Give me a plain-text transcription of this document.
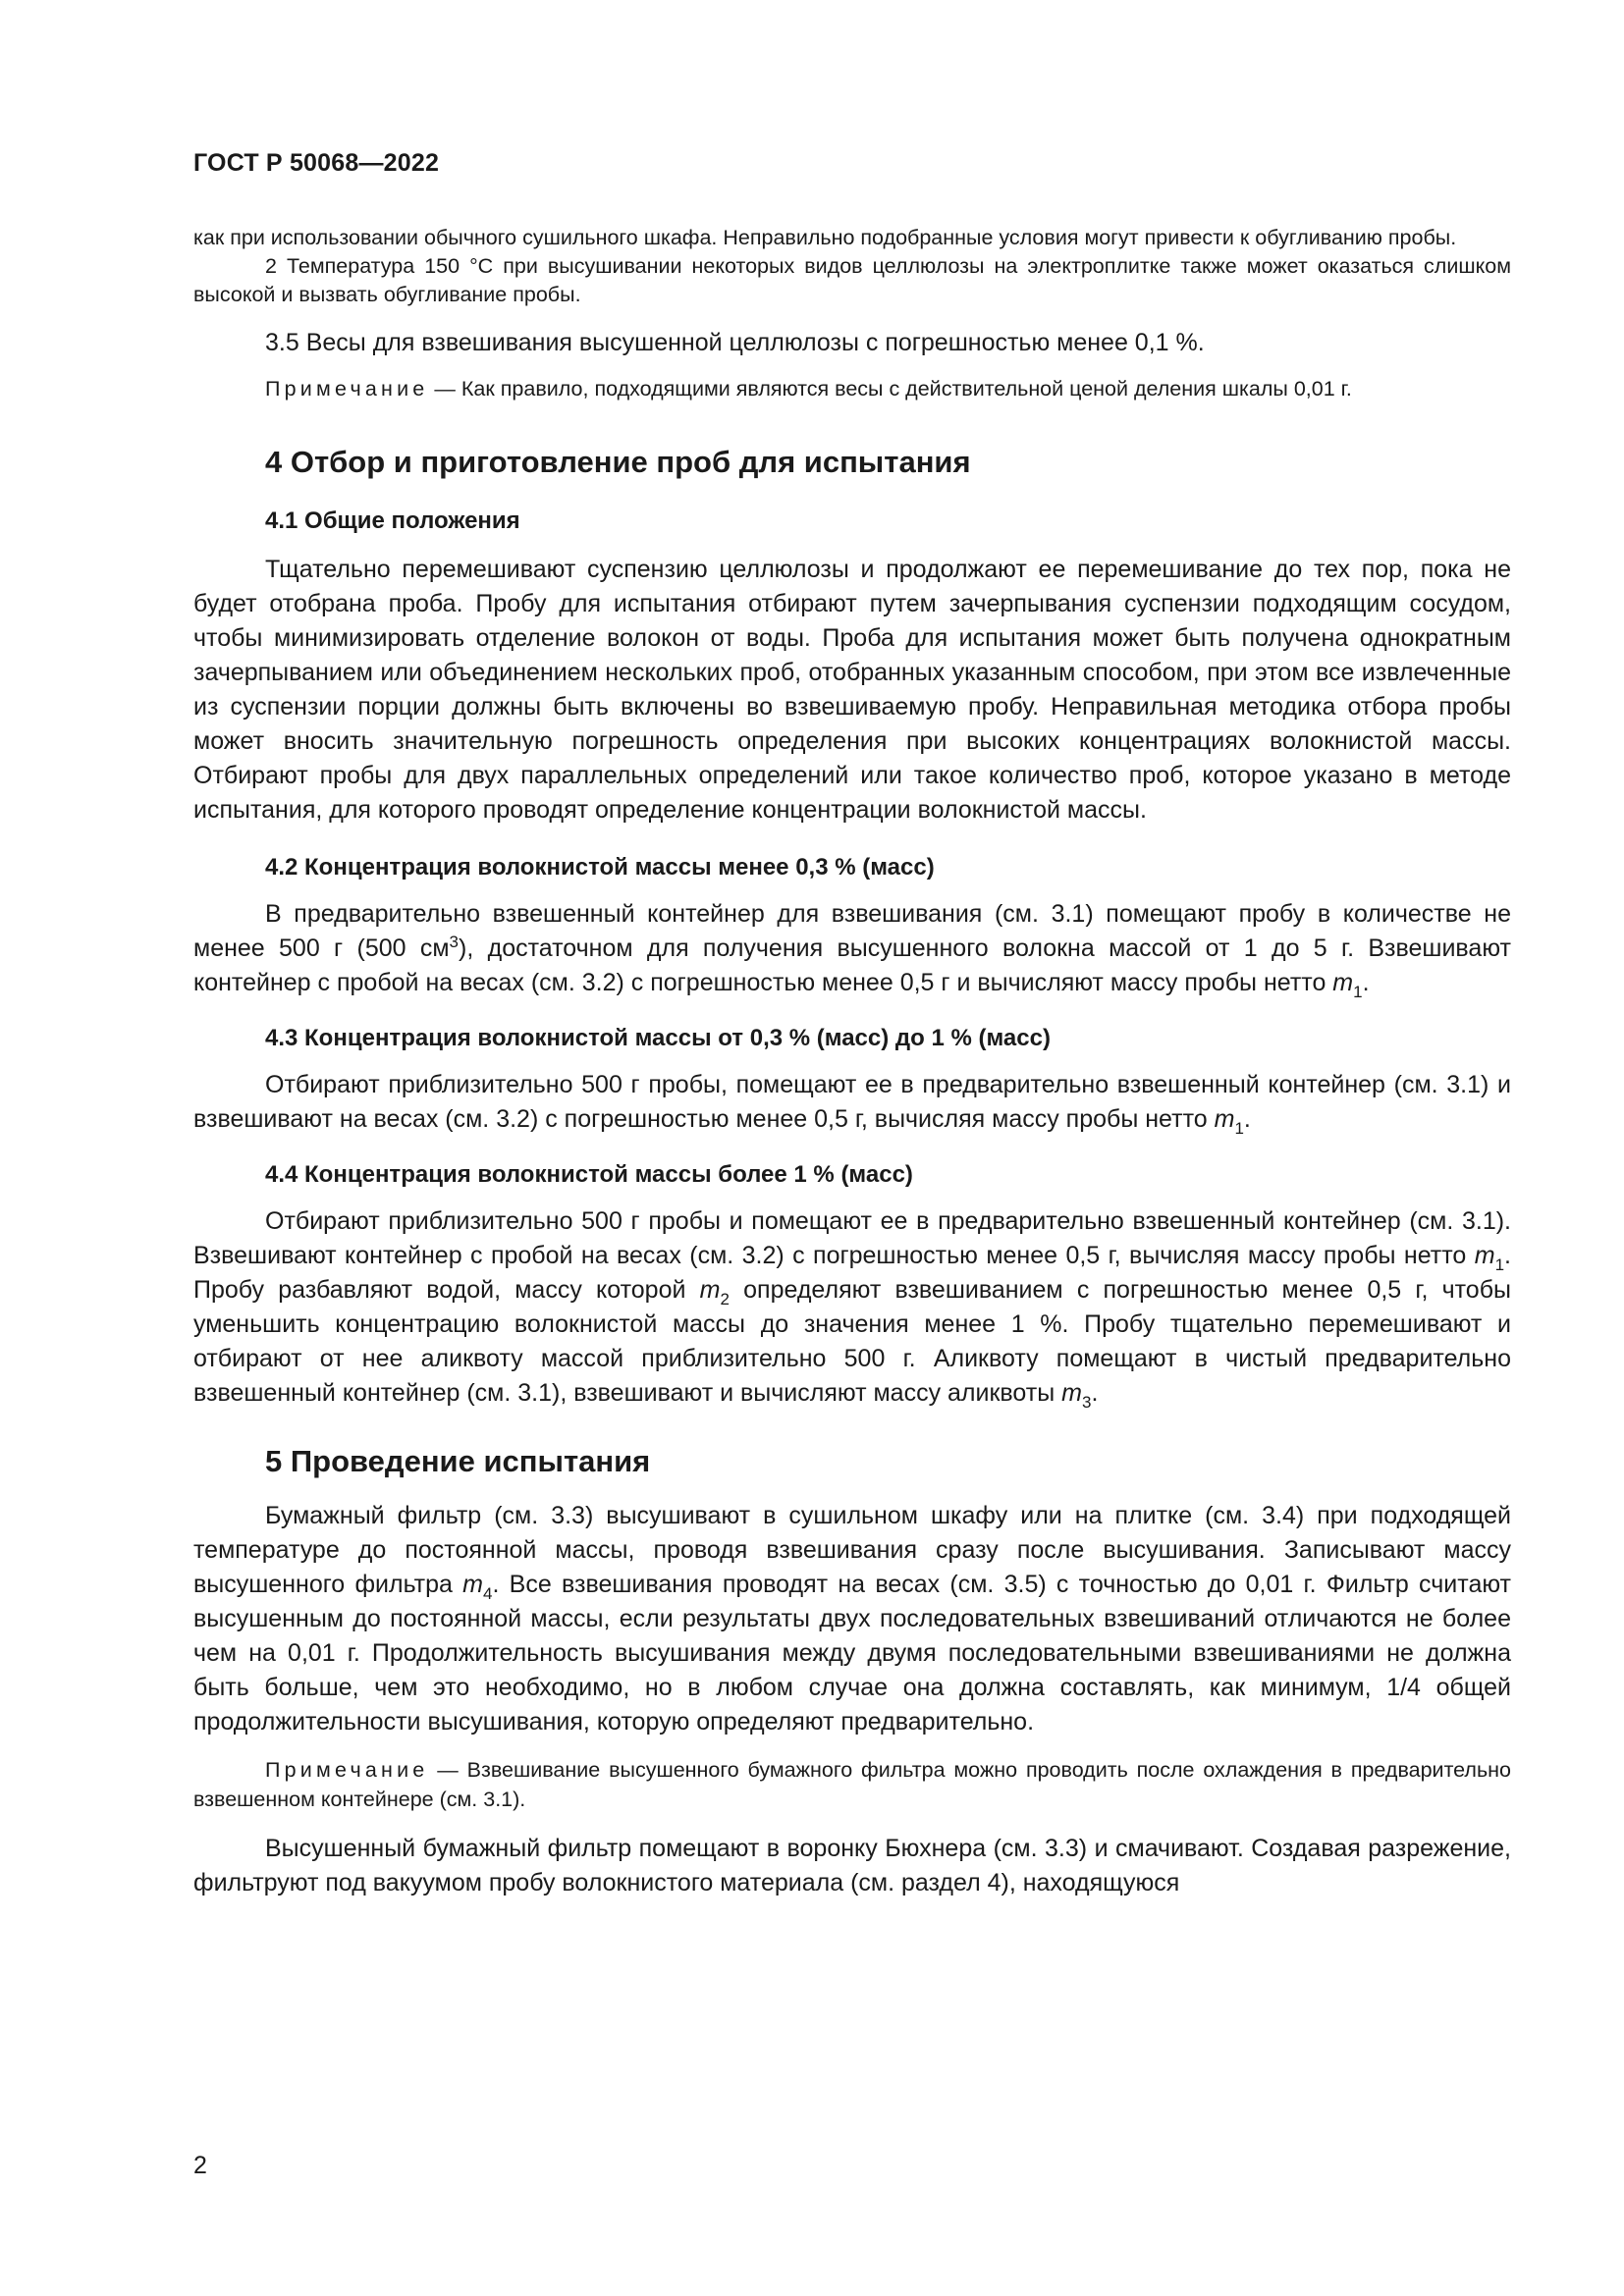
ГОСТ Р 50068—2022

как при использовании обычного сушильного шкафа. Неправильно подобранные условия могут привести к обугливанию пробы.

2 Температура 150 °С при высушивании некоторых видов целлюлозы на электроплитке также может оказаться слишком высокой и вызвать обугливание пробы.

3.5 Весы для взвешивания высушенной целлюлозы с погрешностью менее 0,1 %.

Примечание — Как правило, подходящими являются весы с действительной ценой деления шкалы 0,01 г.

4 Отбор и приготовление проб для испытания
4.1 Общие положения

Тщательно перемешивают суспензию целлюлозы и продолжают ее перемешивание до тех пор, пока не будет отобрана проба. Пробу для испытания отбирают путем зачерпывания суспензии подходящим сосудом, чтобы минимизировать отделение волокон от воды. Проба для испытания может быть получена однократным зачерпыванием или объединением нескольких проб, отобранных указанным способом, при этом все извлеченные из суспензии порции должны быть включены во взвешиваемую пробу. Неправильная методика отбора пробы может вносить значительную погрешность определения при высоких концентрациях волокнистой массы. Отбирают пробы для двух параллельных определений или такое количество проб, которое указано в методе испытания, для которого проводят определение концентрации волокнистой массы.

4.2 Концентрация волокнистой массы менее 0,3 % (масс)

В предварительно взвешенный контейнер для взвешивания (см. 3.1) помещают пробу в количестве не менее 500 г (500 $см^3$), достаточном для получения высушенного волокна массой от 1 до 5 г. Взвешивают контейнер с пробой на весах (см. 3.2) с погрешностью менее 0,5 г и вычисляют массу пробы нетто $m_1$.

4.3 Концентрация волокнистой массы от 0,3 % (масс) до 1 % (масс)

Отбирают приблизительно 500 г пробы, помещают ее в предварительно взвешенный контейнер (см. 3.1) и взвешивают на весах (см. 3.2) с погрешностью менее 0,5 г, вычисляя массу пробы нетто $m_1$.

4.4 Концентрация волокнистой массы более 1 % (масс)

Отбирают приблизительно 500 г пробы и помещают ее в предварительно взвешенный контейнер (см. 3.1). Взвешивают контейнер с пробой на весах (см. 3.2) с погрешностью менее 0,5 г, вычисляя массу пробы нетто $m_1$. Пробу разбавляют водой, массу которой $m_2$ определяют взвешиванием с погрешностью менее 0,5 г, чтобы уменьшить концентрацию волокнистой массы до значения менее 1 %. Пробу тщательно перемешивают и отбирают от нее аликвоту массой приблизительно 500 г. Аликвоту помещают в чистый предварительно взвешенный контейнер (см. 3.1), взвешивают и вычисляют массу аликвоты $m_3$.

5 Проведение испытания

Бумажный фильтр (см. 3.3) высушивают в сушильном шкафу или на плитке (см. 3.4) при подходящей температуре до постоянной массы, проводя взвешивания сразу после высушивания. Записывают массу высушенного фильтра $m_4$. Все взвешивания проводят на весах (см. 3.5) с точностью до 0,01 г. Фильтр считают высушенным до постоянной массы, если результаты двух последовательных взвешиваний отличаются не более чем на 0,01 г. Продолжительность высушивания между двумя последовательными взвешиваниями не должна быть больше, чем это необходимо, но в любом случае она должна составлять, как минимум, 1/4 общей продолжительности высушивания, которую определяют предварительно.

Примечание — Взвешивание высушенного бумажного фильтра можно проводить после охлаждения в предварительно взвешенном контейнере (см. 3.1).

Высушенный бумажный фильтр помещают в воронку Бюхнера (см. 3.3) и смачивают. Создавая разрежение, фильтруют под вакуумом пробу волокнистого материала (см. раздел 4), находящуюся

2
